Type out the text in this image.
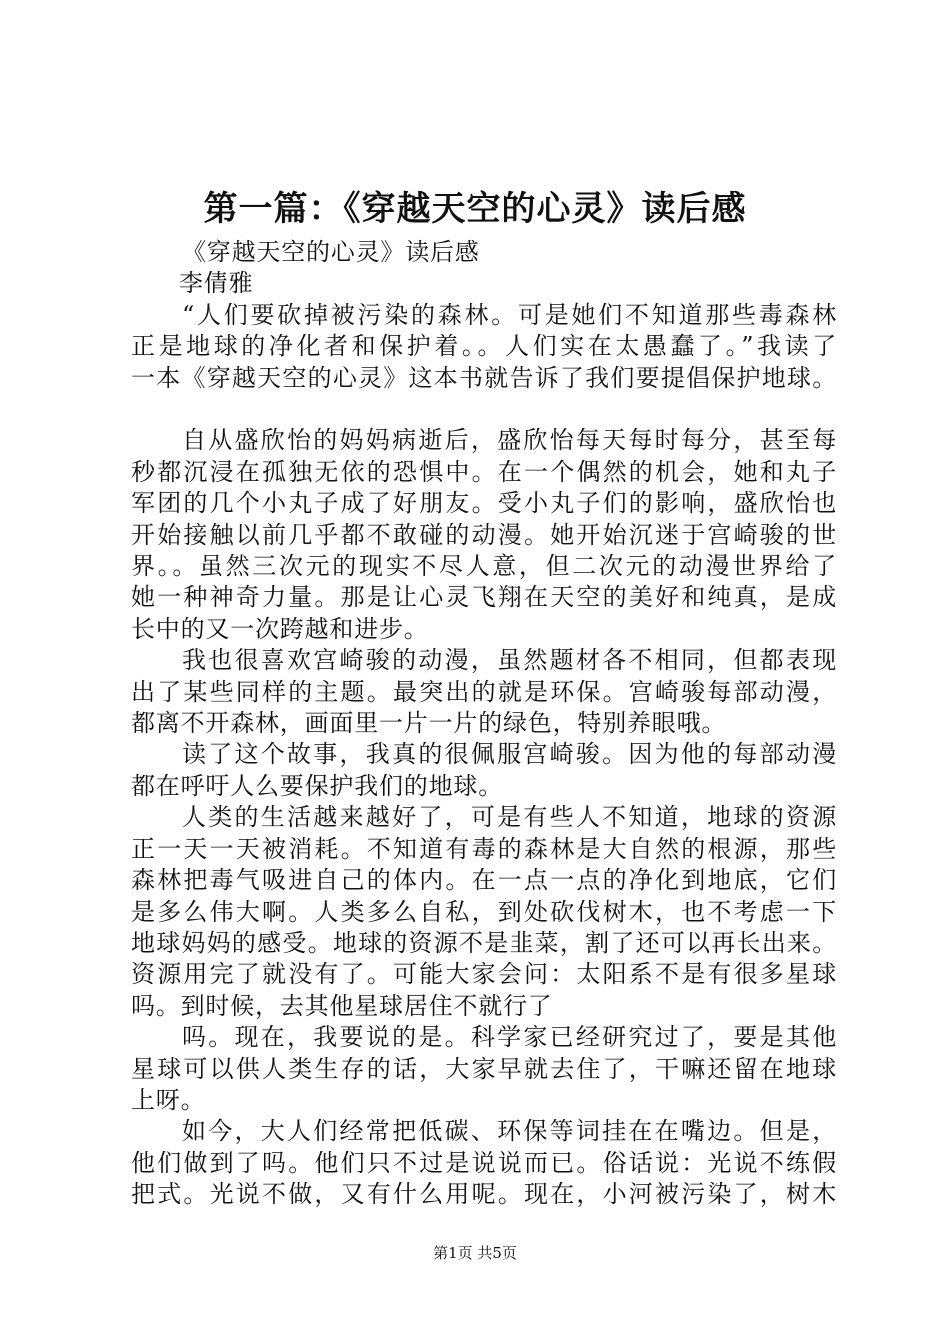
第一篇：《穿越天空的心灵》读后感
《穿越天空的心灵》读后感
李倩雅
“人们要砍掉被污染的森林。可是她们不知道那些毒森林
正是地球的净化者和保护着。。人们实在太愚蠢了。”我读了
一本《穿越天空的心灵》这本书就告诉了我们要提倡保护地球。
自从盛欣怡的妈妈病逝后，盛欣怡每天每时每分，甚至每
秒都沉浸在孤独无依的恐惧中。在一个偶然的机会，她和丸子
军团的几个小丸子成了好朋友。受小丸子们的影响，盛欣怡也
开始接触以前几乎都不敢碰的动漫。她开始沉迷于宫崎骏的世
界。。虽然三次元的现实不尽人意，但二次元的动漫世界给了
她一种神奇力量。那是让心灵飞翔在天空的美好和纯真，是成
长中的又一次跨越和进步。
我也很喜欢宫崎骏的动漫，虽然题材各不相同，但都表现
出了某些同样的主题。最突出的就是环保。宫崎骏每部动漫，
都离不开森林，画面里一片一片的绿色，特别养眼哦。
读了这个故事，我真的很佩服宫崎骏。因为他的每部动漫
都在呼吁人么要保护我们的地球。
人类的生活越来越好了，可是有些人不知道，地球的资源
正一天一天被消耗。不知道有毒的森林是大自然的根源，那些
森林把毒气吸进自己的体内。在一点一点的净化到地底，它们
是多么伟大啊。人类多么自私，到处砍伐树木，也不考虑一下
地球妈妈的感受。地球的资源不是韭菜，割了还可以再长出来。
资源用完了就没有了。可能大家会问：太阳系不是有很多星球
吗。到时候，去其他星球居住不就行了
吗。现在，我要说的是。科学家已经研究过了，要是其他
星球可以供人类生存的话，大家早就去住了，干嘛还留在地球
上呀。
如今，大人们经常把低碳、环保等词挂在在嘴边。但是，
他们做到了吗。他们只不过是说说而已。俗话说：光说不练假
把式。光说不做，又有什么用呢。现在，小河被污染了，树木
第1页 共5页
